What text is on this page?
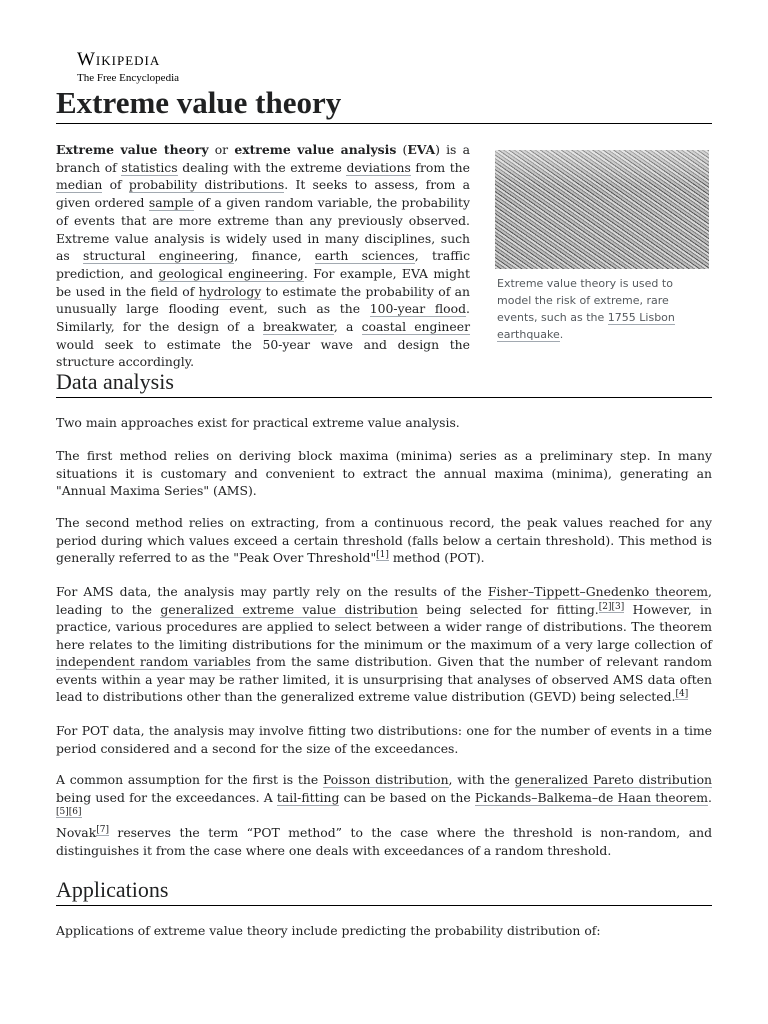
Wikipedia
The Free Encyclopedia
Extreme value theory

Extreme value theory or extreme value analysis (EVA) is a branch of statistics dealing with the extreme deviations from the median of probability distributions. It seeks to assess, from a given ordered sample of a given random variable, the probability of events that are more extreme than any previously observed. Extreme value analysis is widely used in many disciplines, such as structural engineering, finance, earth sciences, traffic prediction, and geological engineering. For example, EVA might be used in the field of hydrology to estimate the probability of an unusually large flooding event, such as the 100-year flood. Similarly, for the design of a breakwater, a coastal engineer would seek to estimate the 50-year wave and design the structure accordingly.

Extreme value theory is used to model the risk of extreme, rare events, such as the 1755 Lisbon earthquake.
Data analysis

Two main approaches exist for practical extreme value analysis.

The first method relies on deriving block maxima (minima) series as a preliminary step. In many situations it is customary and convenient to extract the annual maxima (minima), generating an "Annual Maxima Series" (AMS).

The second method relies on extracting, from a continuous record, the peak values reached for any period during which values exceed a certain threshold (falls below a certain threshold). This method is generally referred to as the "Peak Over Threshold"[1] method (POT).

For AMS data, the analysis may partly rely on the results of the Fisher–Tippett–Gnedenko theorem, leading to the generalized extreme value distribution being selected for fitting.[2][3] However, in practice, various procedures are applied to select between a wider range of distributions. The theorem here relates to the limiting distributions for the minimum or the maximum of a very large collection of independent random variables from the same distribution. Given that the number of relevant random events within a year may be rather limited, it is unsurprising that analyses of observed AMS data often lead to distributions other than the generalized extreme value distribution (GEVD) being selected.[4]

For POT data, the analysis may involve fitting two distributions: one for the number of events in a time period considered and a second for the size of the exceedances.

A common assumption for the first is the Poisson distribution, with the generalized Pareto distribution being used for the exceedances. A tail-fitting can be based on the Pickands–Balkema–de Haan theorem.[5][6]

Novak[7] reserves the term “POT method” to the case where the threshold is non-random, and distinguishes it from the case where one deals with exceedances of a random threshold.

Applications

Applications of extreme value theory include predicting the probability distribution of:
